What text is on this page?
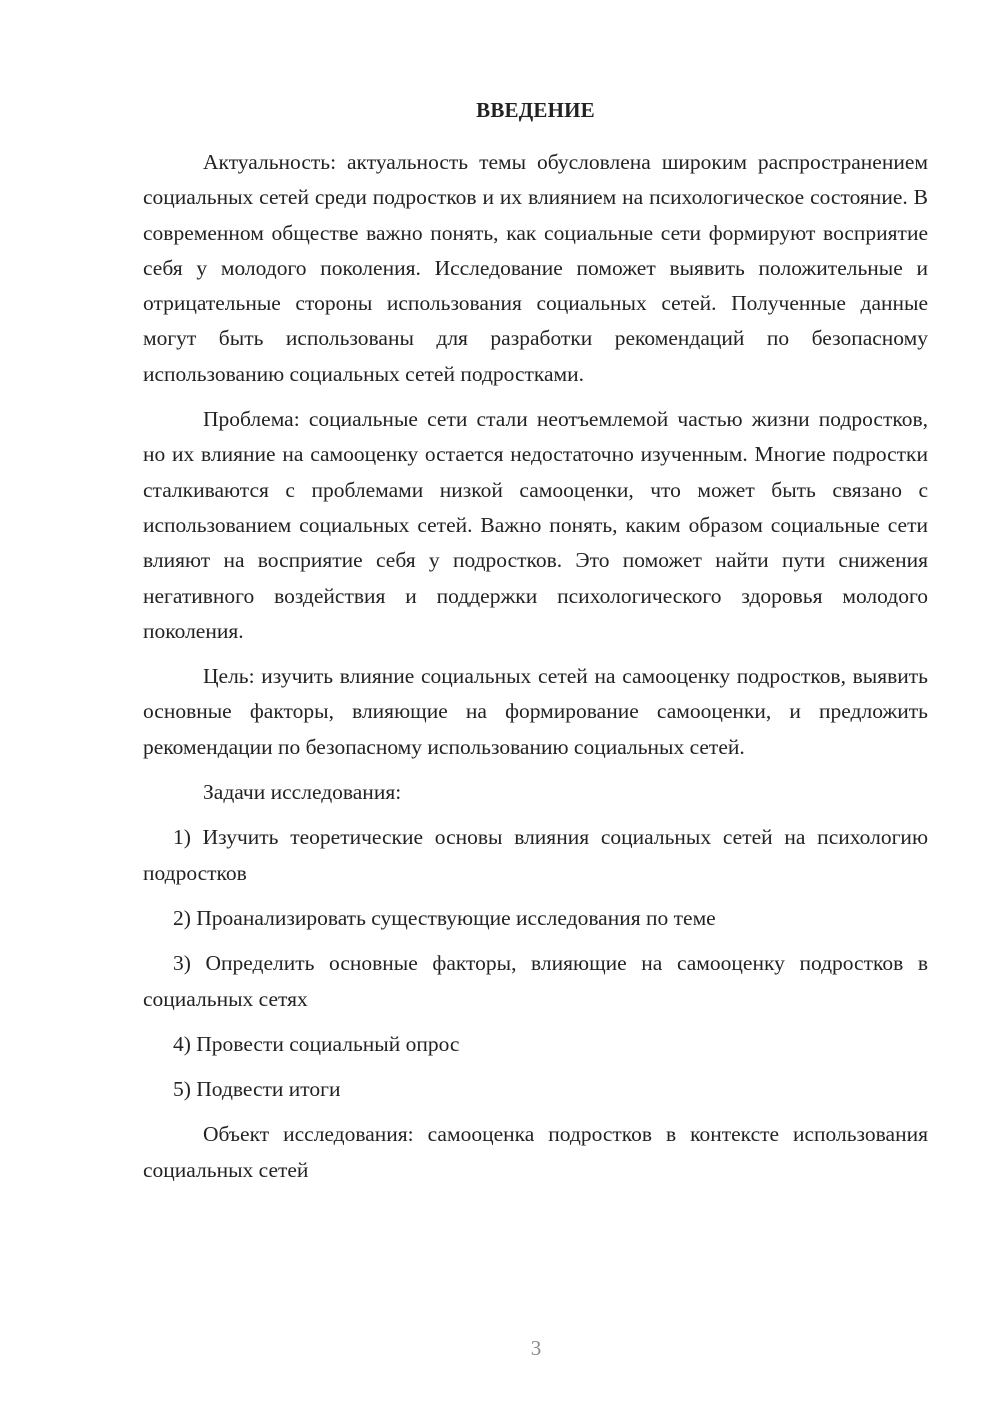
ВВЕДЕНИЕ

Актуальность: актуальность темы обусловлена широким распространением социальных сетей среди подростков и их влиянием на психологическое состояние. В современном обществе важно понять, как социальные сети формируют восприятие себя у молодого поколения. Исследование поможет выявить положительные и отрицательные стороны использования социальных сетей. Полученные данные могут быть использованы для разработки рекомендаций по безопасному использованию социальных сетей подростками.

Проблема: социальные сети стали неотъемлемой частью жизни подростков, но их влияние на самооценку остается недостаточно изученным. Многие подростки сталкиваются с проблемами низкой самооценки, что может быть связано с использованием социальных сетей. Важно понять, каким образом социальные сети влияют на восприятие себя у подростков. Это поможет найти пути снижения негативного воздействия и поддержки психологического здоровья молодого поколения.

Цель: изучить влияние социальных сетей на самооценку подростков, выявить основные факторы, влияющие на формирование самооценки, и предложить рекомендации по безопасному использованию социальных сетей.

Задачи исследования:

1) Изучить теоретические основы влияния социальных сетей на психологию подростков

2) Проанализировать существующие исследования по теме

3) Определить основные факторы, влияющие на самооценку подростков в социальных сетях

4) Провести социальный опрос

5) Подвести итоги

Объект исследования: самооценка подростков в контексте использования социальных сетей

3
